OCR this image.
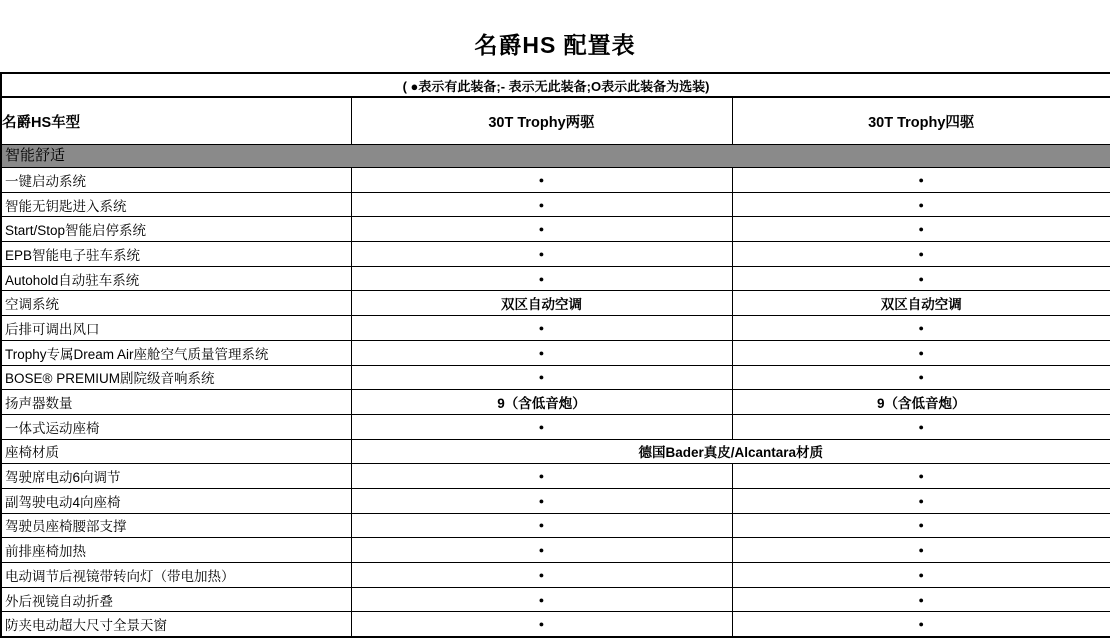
名爵HS 配置表
( ●表示有此装备;- 表示无此装备;O表示此装备为选装)		
名爵HS车型	30T Trophy两驱	30T Trophy四驱
智能舒适		
一键启动系统	●	●
智能无钥匙进入系统	●	●
Start/Stop智能启停系统	●	●
EPB智能电子驻车系统	●	●
Autohold自动驻车系统	●	●
空调系统	双区自动空调	双区自动空调
后排可调出风口	●	●
Trophy专属Dream Air座舱空气质量管理系统	●	●
BOSE® PREMIUM剧院级音响系统	●	●
扬声器数量	9（含低音炮）	9（含低音炮）
一体式运动座椅	●	●
座椅材质	德国Bader真皮/Alcantara材质	
驾驶席电动6向调节	●	●
副驾驶电动4向座椅	●	●
驾驶员座椅腰部支撑	●	●
前排座椅加热	●	●
电动调节后视镜带转向灯（带电加热）	●	●
外后视镜自动折叠	●	●
防夹电动超大尺寸全景天窗	●	●
